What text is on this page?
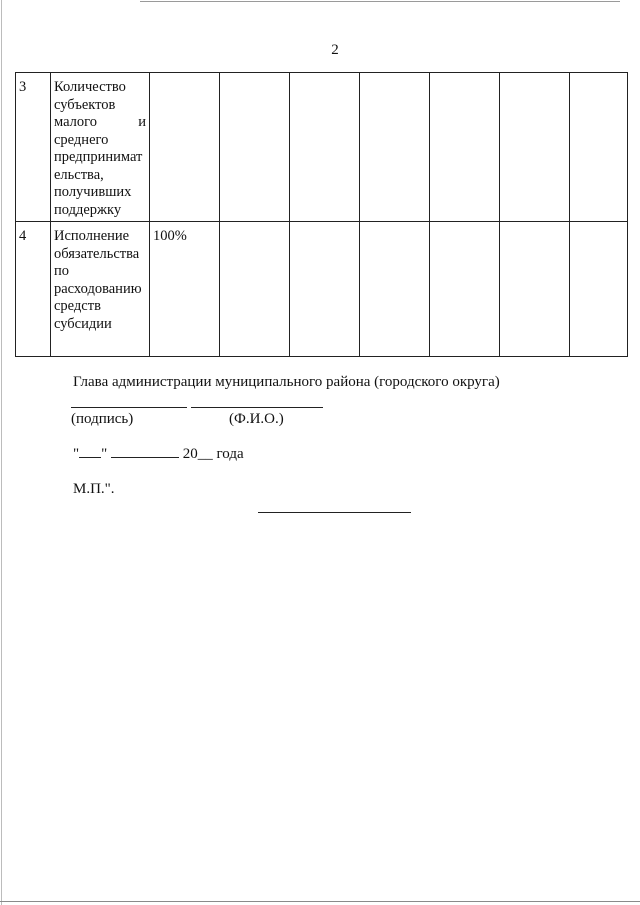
2
3	Количество субъектов малого и среднего предпринимательства, получивших поддержку							

4	Исполнение обязательства по расходованию средств субсидии	100%						
Глава администрации муниципального района (городского округа)
(подпись)	(Ф.И.О.)
" "	20__ года
М.П.".
